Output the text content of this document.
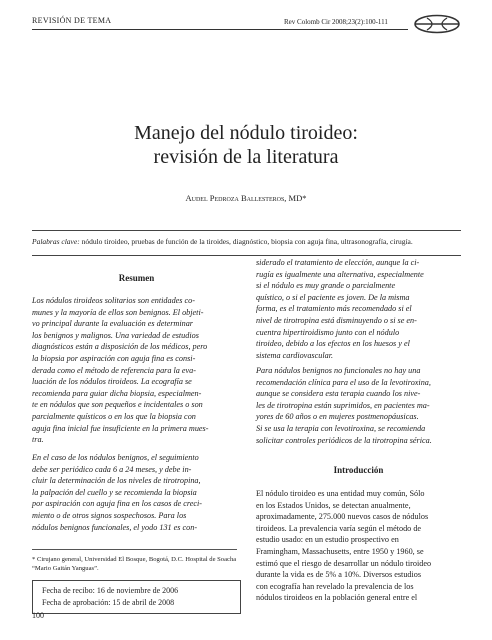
REVISIÓN DE TEMA	Rev Colomb Cir 2008;23(2):100-111
Manejo del nódulo tiroideo:
revisión de la literatura
Audel Pedroza Ballesteros, MD*
Palabras clave: nódulo tiroideo, pruebas de función de la tiroides, diagnóstico, biopsia con aguja fina, ultrasonografía, cirugía.
Resumen
Los nódulos tiroideos solitarios son entidades co-
munes y la mayoría de ellos son benignos. El objeti-
vo principal durante la evaluación es determinar
los benignos y malignos. Una variedad de estudios
diagnósticos están a disposición de los médicos, pero
la biopsia por aspiración con aguja fina es consi-
derada como el método de referencia para la eva-
luación de los nódulos tiroideos. La ecografía se
recomienda para guiar dicha biopsia, especialmen-
te en nódulos que son pequeños e incidentales o son
parcialmente quísticos o en los que la biopsia con
aguja fina inicial fue insuficiente en la primera mues-
tra.
En el caso de los nódulos benignos, el seguimiento
debe ser periódico cada 6 a 24 meses, y debe in-
cluir la determinación de los niveles de tirotropina,
la palpación del cuello y se recomienda la biopsia
por aspiración con aguja fina en los casos de creci-
miento o de otros signos sospechosos. Para los
nódulos benignos funcionales, el yodo 131 es con-
* Cirujano general, Universidad El Bosque, Bogotá, D.C. Hospital de Soacha “Mario Gaitán Yanguas”.
Fecha de recibo: 16 de noviembre de 2006
Fecha de aprobación: 15 de abril de 2008
100
siderado el tratamiento de elección, aunque la ci-
rugía es igualmente una alternativa, especialmente
si el nódulo es muy grande o parcialmente
quístico, o si el paciente es joven. De la misma
forma, es el tratamiento más recomendado si el
nivel de tirotropina está disminuyendo o si se en-
cuentra hipertiroidismo junto con el nódulo
tiroideo, debido a los efectos en los huesos y el
sistema cardiovascular.
Para nódulos benignos no funcionales no hay una
recomendación clínica para el uso de la levotiroxina,
aunque se considera esta terapia cuando los nive-
les de tirotropina están suprimidos, en pacientes ma-
yores de 60 años o en mujeres postmenopáusicas.
Si se usa la terapia con levotiroxina, se recomienda
solicitar controles periódicos de la tirotropina sérica.
Introducción
El nódulo tiroideo es una entidad muy común, Sólo
en los Estados Unidos, se detectan anualmente,
aproximadamente, 275.000 nuevos casos de nódulos
tiroideos. La prevalencia varía según el método de
estudio usado: en un estudio prospectivo en
Framingham, Massachusetts, entre 1950 y 1960, se
estimó que el riesgo de desarrollar un nódulo tiroideo
durante la vida es de 5% a 10%. Diversos estudios
con ecografía han revelado la prevalencia de los
nódulos tiroideos en la población general entre el
